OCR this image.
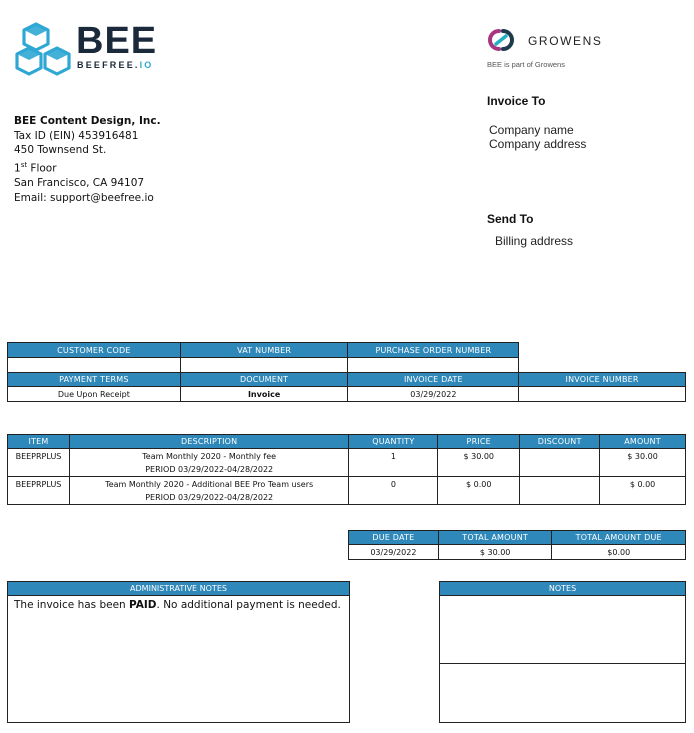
BEE
BEEFREE.IO
GROWENS
BEE is part of Growens
BEE Content Design, Inc.
Tax ID (EIN) 453916481
450 Townsend St.
1st Floor
San Francisco, CA 94107
Email: support@beefree.io
Invoice To
Company name
Company address
Send To
Billing address
CUSTOMER CODE	VAT NUMBER	PURCHASE ORDER NUMBER	

PAYMENT TERMS	DOCUMENT	INVOICE DATE	INVOICE NUMBER
Due Upon Receipt	Invoice	03/29/2022	
ITEM	DESCRIPTION	QUANTITY	PRICE	DISCOUNT	AMOUNT
BEEPRPLUS	Team Monthly 2020 - Monthly fee
PERIOD 03/29/2022-04/28/2022	1	$ 30.00		$ 30.00
BEEPRPLUS	Team Monthly 2020 - Additional BEE Pro Team users
PERIOD 03/29/2022-04/28/2022	0	$ 0.00		$ 0.00
DUE DATE	TOTAL AMOUNT	TOTAL AMOUNT DUE
03/29/2022	$ 30.00	$0.00
ADMINISTRATIVE NOTES
The invoice has been PAID. No additional payment is needed.
NOTES
